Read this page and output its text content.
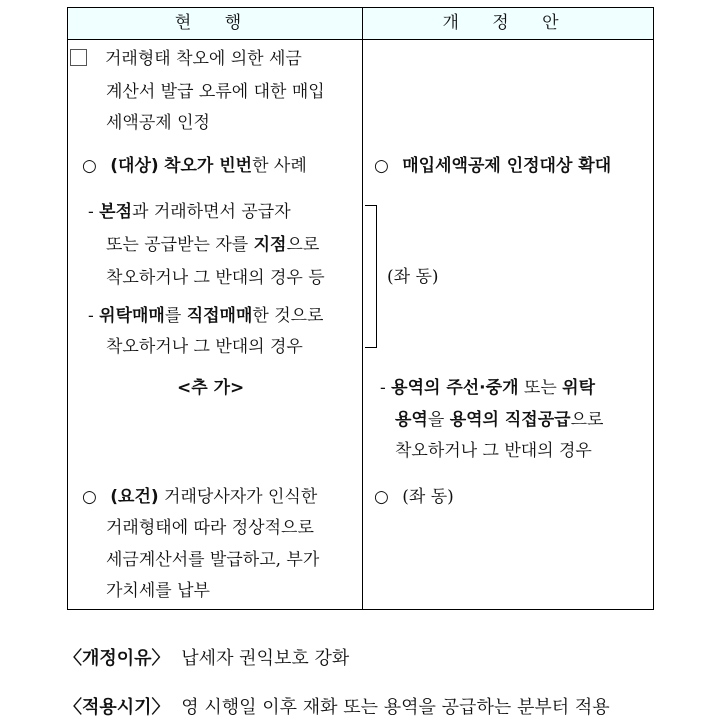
현 행	개 정 안
거래형태 착오에 의한 세금
계산서 발급 오류에 대한 매입
세액공제 인정
○ (대상) 착오가 빈번한 사례
- 본점과 거래하면서 공급자
또는 공급받는 자를 지점으로
착오하거나 그 반대의 경우 등
- 위탁매매를 직접매매한 것으로
착오하거나 그 반대의 경우
<추 가>
○ (요건) 거래당사자가 인식한
거래형태에 따라 정상적으로
세금계산서를 발급하고, 부가
가치세를 납부
○ 매입세액공제 인정대상 확대
(좌 동)
- 용역의 주선·중개 또는 위탁
용역을 용역의 직접공급으로
착오하거나 그 반대의 경우
○ (좌 동)
〈개정이유〉 납세자 권익보호 강화
〈적용시기〉 영 시행일 이후 재화 또는 용역을 공급하는 분부터 적용
